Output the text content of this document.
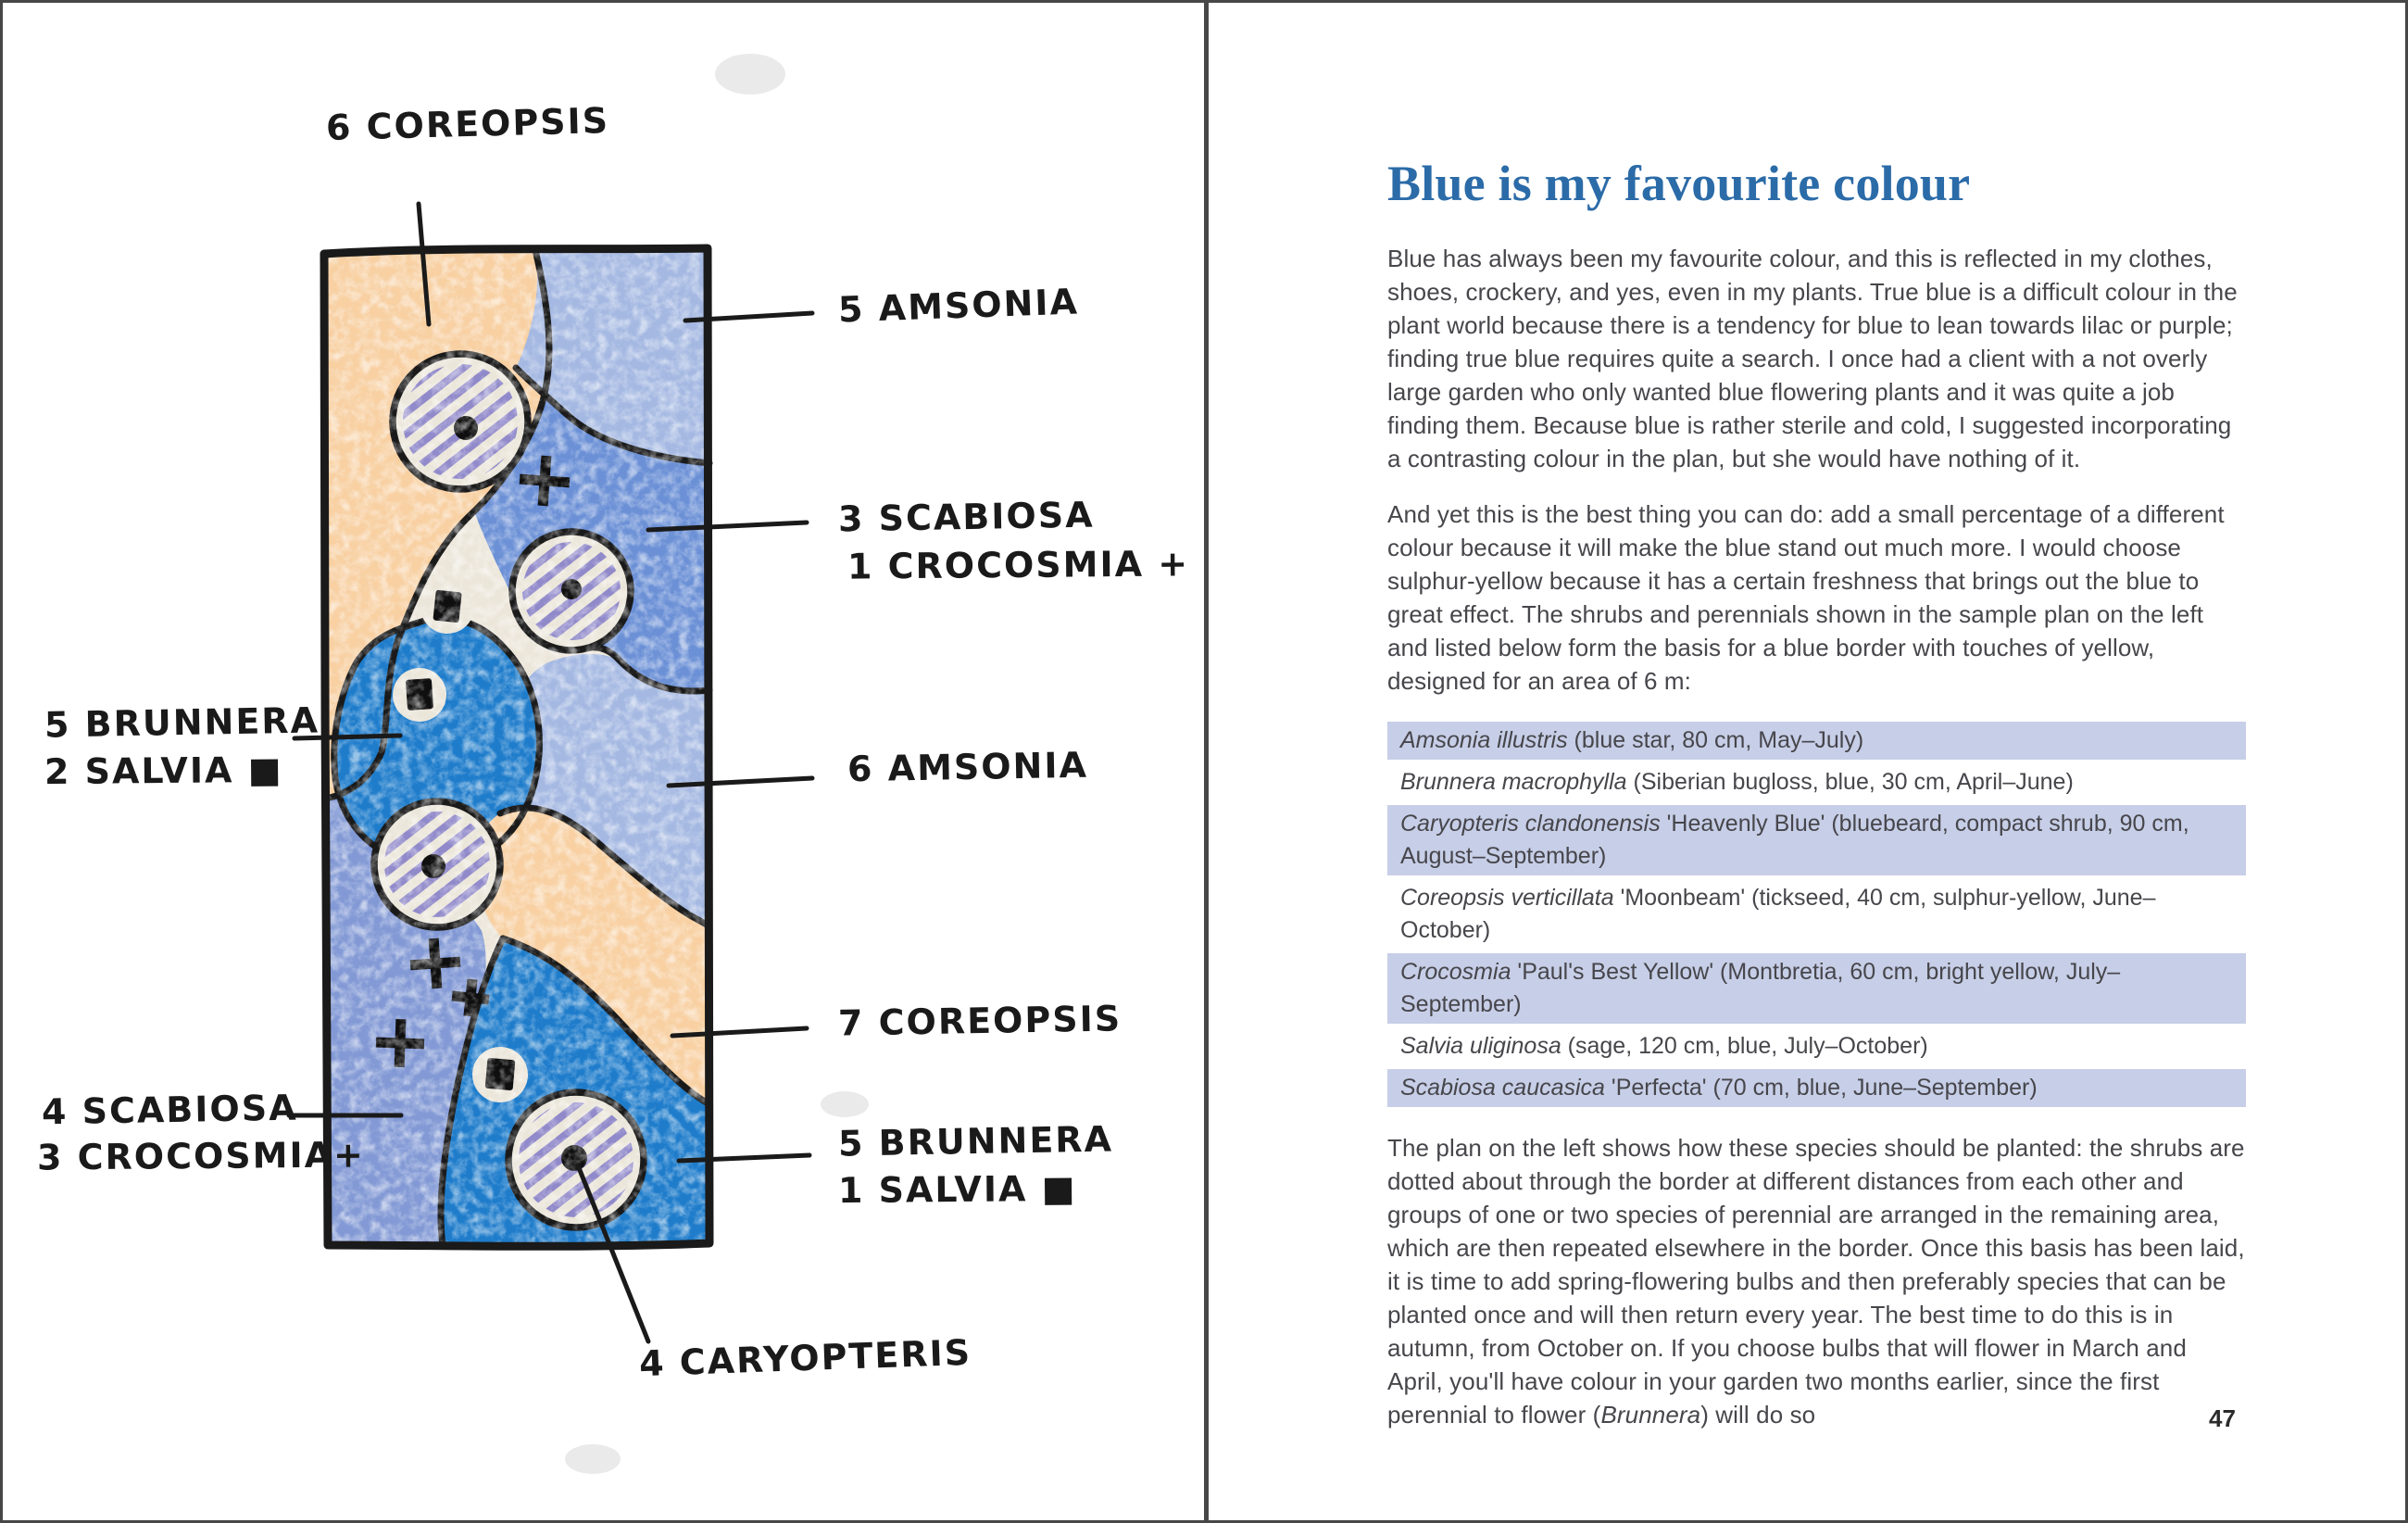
6 COREOPSIS
5 AMSONIA
3 SCABIOSA
1 CROCOSMIA +
5 BRUNNERA
2 SALVIA ■	6 AMSONIA
7 COREOPSIS
5 BRUNNERA
1 SALVIA ■
4 SCABIOSA
3 CROCOSMIA+
4 CARYOPTERIS
Blue is my favourite colour

Blue has always been my favourite colour, and this is reflected in my clothes, shoes, crockery, and yes, even in my plants. True blue is a difficult colour in the plant world because there is a tendency for blue to lean towards lilac or purple; finding true blue requires quite a search. I once had a client with a not overly large garden who only wanted blue flowering plants and it was quite a job finding them. Because blue is rather sterile and cold, I suggested incorporating a contrasting colour in the plan, but she would have nothing of it.

And yet this is the best thing you can do: add a small percentage of a different colour because it will make the blue stand out much more. I would choose sulphur-yellow because it has a certain freshness that brings out the blue to great effect. The shrubs and perennials shown in the sample plan on the left and listed below form the basis for a blue border with touches of yellow, designed for an area of 6 m:

Amsonia illustris (blue star, 80 cm, May–July)
Brunnera macrophylla (Siberian bugloss, blue, 30 cm, April–June)
Caryopteris clandonensis 'Heavenly Blue' (bluebeard, compact shrub, 90 cm, August–September)
Coreopsis verticillata 'Moonbeam' (tickseed, 40 cm, sulphur-yellow, June–October)
Crocosmia 'Paul's Best Yellow' (Montbretia, 60 cm, bright yellow, July–September)
Salvia uliginosa (sage, 120 cm, blue, July–October)
Scabiosa caucasica 'Perfecta' (70 cm, blue, June–September)

The plan on the left shows how these species should be planted: the shrubs are dotted about through the border at different distances from each other and groups of one or two species of perennial are arranged in the remaining area, which are then repeated elsewhere in the border. Once this basis has been laid, it is time to add spring-flowering bulbs and then preferably species that can be planted once and will then return every year. The best time to do this is in autumn, from October on. If you choose bulbs that will flower in March and April, you'll have colour in your garden two months earlier, since the first perennial to flower (Brunnera) will do so	47
